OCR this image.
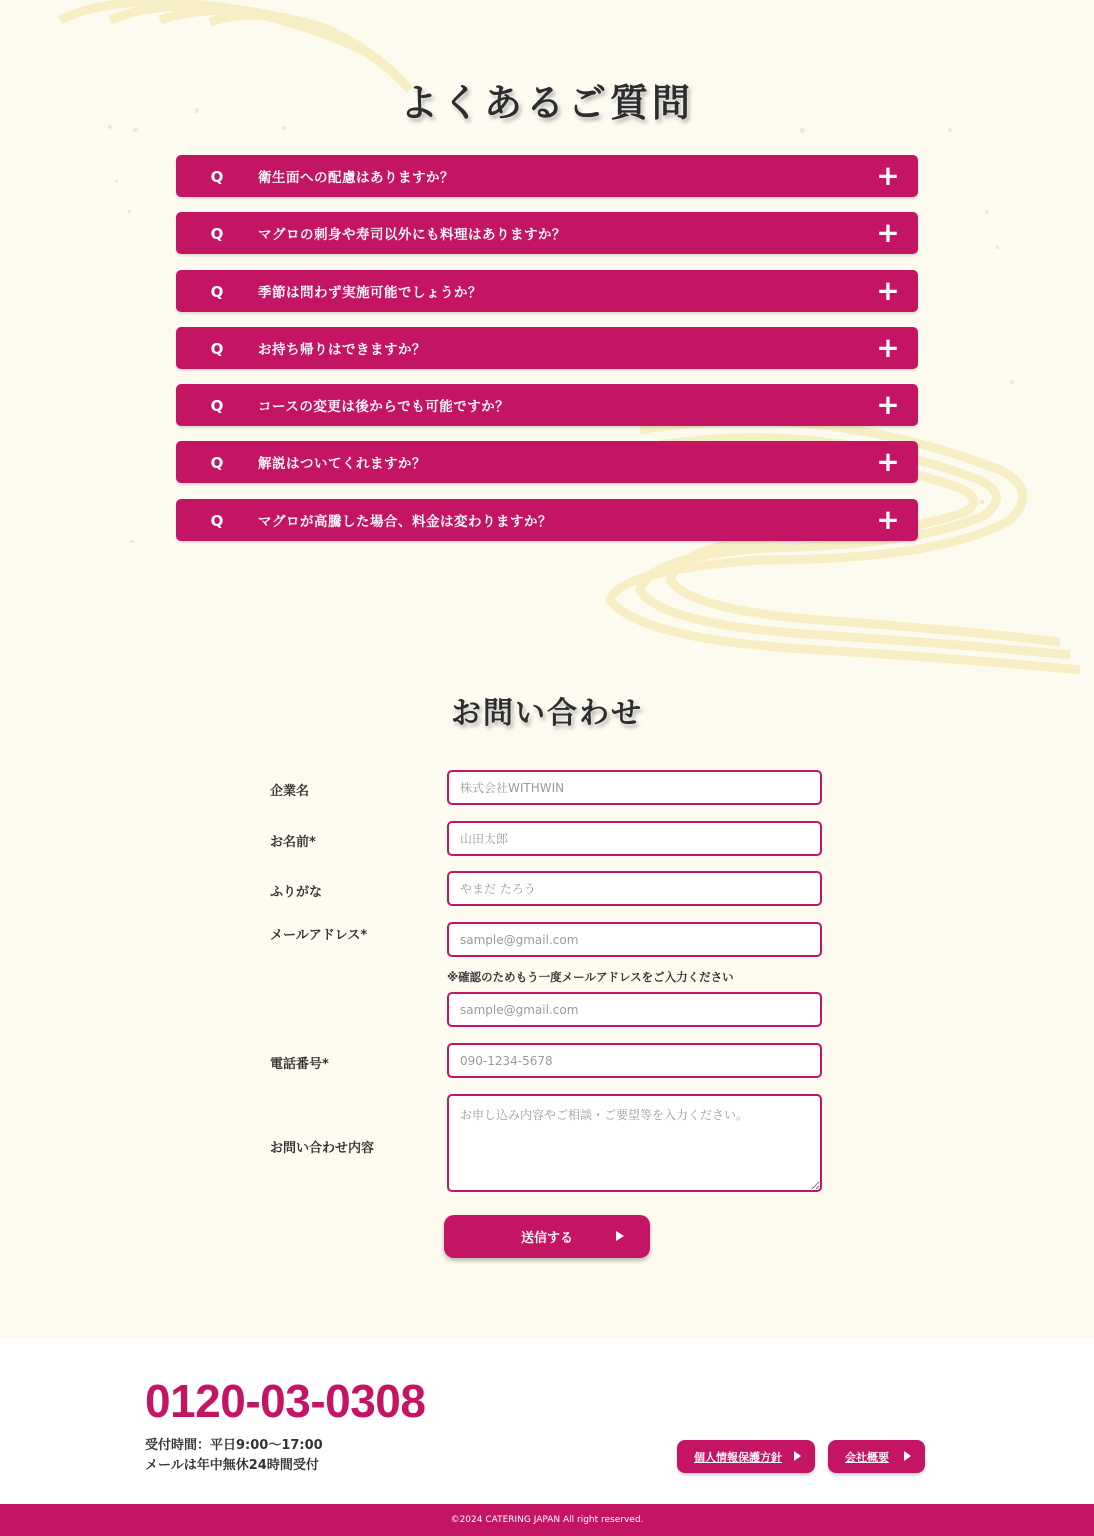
よくあるご質問
Q	衛生面への配慮はありますか？	+
Q	マグロの刺身や寿司以外にも料理はありますか？	+
Q	季節は問わず実施可能でしょうか？	+
Q	お持ち帰りはできますか？	+
Q	コースの変更は後からでも可能ですか？	+
Q	解説はついてくれますか？	+
Q	マグロが高騰した場合、料金は変わりますか？	+
お問い合わせ
企業名
株式会社WITHWIN
お名前*
山田太郎
ふりがな
やまだ たろう
メールアドレス*
sample@gmail.com
※確認のためもう一度メールアドレスをご入力ください
sample@gmail.com
電話番号*
090-1234-5678
お問い合わせ内容
お申し込み内容やご相談・ご要望等を入力ください。
送信する
0120-03-0308
受付時間：平日9:00〜17:00
メールは年中無休24時間受付
個人情報保護方針	会社概要
©2024 CATERING JAPAN All right reserved.
